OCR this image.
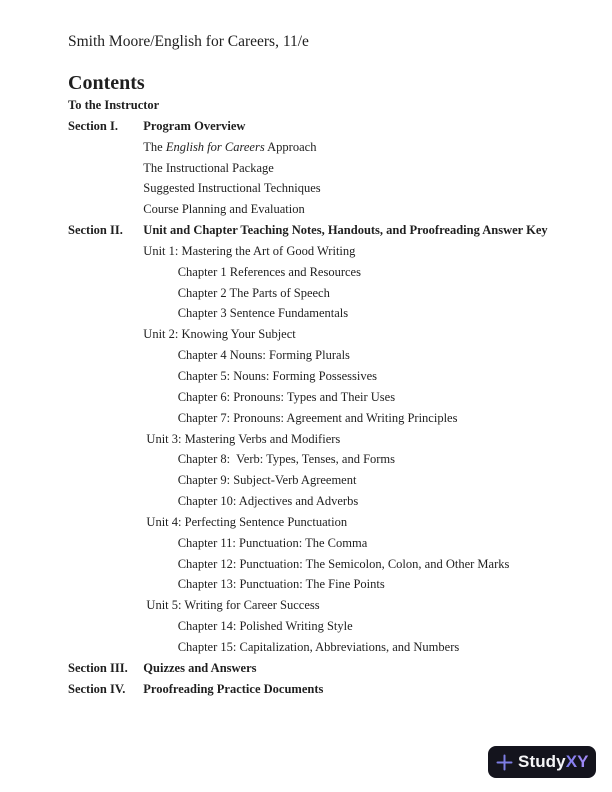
Smith Moore/English for Careers, 11/e
Contents
To the Instructor
Section I.	Program Overview
The English for Careers Approach
The Instructional Package
Suggested Instructional Techniques
Course Planning and Evaluation
Section II.	Unit and Chapter Teaching Notes, Handouts, and Proofreading Answer Key
Unit 1: Mastering the Art of Good Writing
Chapter 1 References and Resources
Chapter 2 The Parts of Speech
Chapter 3 Sentence Fundamentals
Unit 2: Knowing Your Subject
Chapter 4 Nouns: Forming Plurals
Chapter 5: Nouns: Forming Possessives
Chapter 6: Pronouns: Types and Their Uses
Chapter 7: Pronouns: Agreement and Writing Principles
Unit 3: Mastering Verbs and Modifiers
Chapter 8:  Verb: Types, Tenses, and Forms
Chapter 9: Subject-Verb Agreement
Chapter 10: Adjectives and Adverbs
Unit 4: Perfecting Sentence Punctuation
Chapter 11: Punctuation: The Comma
Chapter 12: Punctuation: The Semicolon, Colon, and Other Marks
Chapter 13: Punctuation: The Fine Points
Unit 5: Writing for Career Success
Chapter 14: Polished Writing Style
Chapter 15: Capitalization, Abbreviations, and Numbers
Section III.	Quizzes and Answers
Section IV.	Proofreading Practice Documents
StudyXY
